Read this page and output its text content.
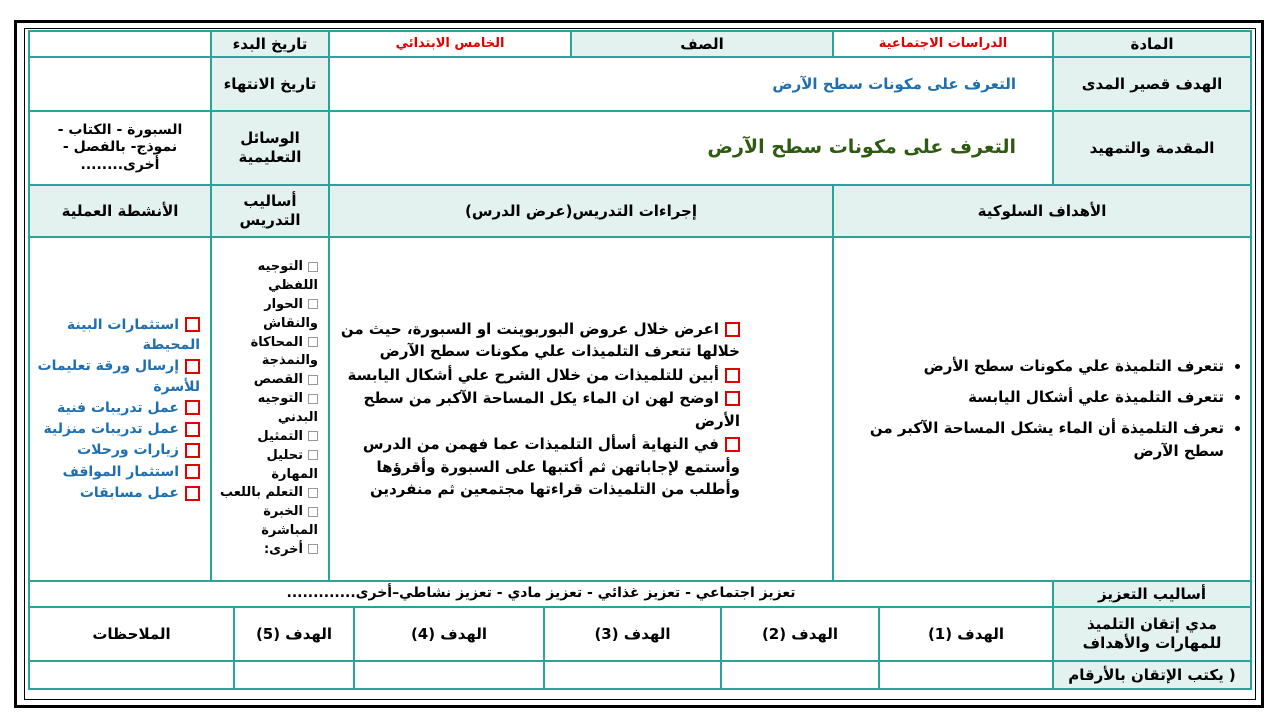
المادة
الدراسات الاجتماعية
الصف
الخامس الابتدائي
تاريخ البدء
الهدف قصير المدى
التعرف على مكونات سطح الآرض
تاريخ الانتهاء
المقدمة والتمهيد
التعرف على مكونات سطح الآرض
الوسائل التعليمية
السبورة - الكتاب - نموذج- بالفصل - أخرى........
الأهداف السلوكية
إجراءات التدريس(عرض الدرس)
أساليب التدريس
الأنشطة العملية
• تتعرف التلميذة علي مكونات سطح الأرض
• تتعرف التلميذة علي أشكال اليابسة
• تعرف التلميذة أن الماء يشكل المساحة الآكبر من سطح الآرض
اعرض خلال عروض البوربوينت او السبورة، حيث من خلالها تتعرف التلميذات علي مكونات سطح الآرض
أبين للتلميذات من خلال الشرح علي أشكال اليابسة
اوضح لهن ان الماء يكل المساحة الآكبر من سطح الأرض
في النهاية أسأل التلميذات عما فهمن من الدرس وأستمع لإجاباتهن ثم أكتبها على السبورة وأقرؤها وأطلب من التلميذات قراءتها مجتمعين ثم منفردين
التوجيه اللفظي
الحوار والنقاش
المحاكاة والنمذجة
القصص
التوجيه البدني
التمثيل
تحليل المهارة
التعلم باللعب
الخبرة المباشرة
أخرى:
استثمارات البينة المحيطة
إرسال ورقة تعليمات للأسرة
عمل تدريبات فنية
عمل تدريبات منزلية
زيارات ورحلات
استثمار المواقف
عمل مسابقات
أساليب التعزيز
تعزيز اجتماعي - تعزيز غذائي - تعزيز مادي - تعزيز نشاطي–أخرى.............
مدي إتقان التلميذ للمهارات والأهداف
الهدف (1)
الهدف (2)
الهدف (3)
الهدف (4)
الهدف (5)
الملاحظات
( يكتب الإتقان بالأرقام
